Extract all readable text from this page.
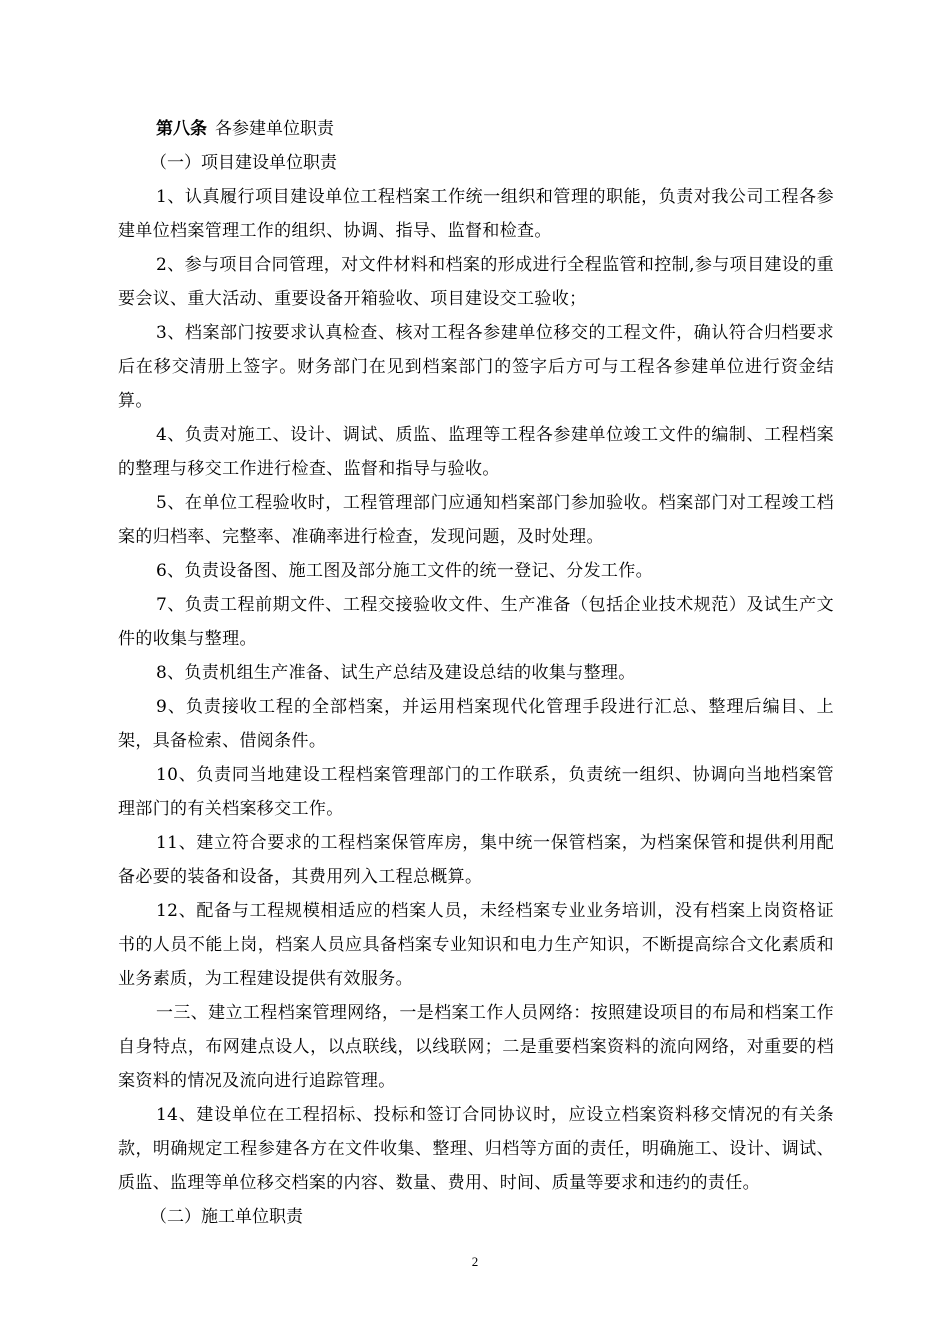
第八条 各参建单位职责
（一）项目建设单位职责

1、认真履行项目建设单位工程档案工作统一组织和管理的职能，负责对我公司工程各参建单位档案管理工作的组织、协调、指导、监督和检查。

2、参与项目合同管理，对文件材料和档案的形成进行全程监管和控制,参与项目建设的重要会议、重大活动、重要设备开箱验收、项目建设交工验收；

3、档案部门按要求认真检查、核对工程各参建单位移交的工程文件，确认符合归档要求后在移交清册上签字。财务部门在见到档案部门的签字后方可与工程各参建单位进行资金结算。

4、负责对施工、设计、调试、质监、监理等工程各参建单位竣工文件的编制、工程档案的整理与移交工作进行检查、监督和指导与验收。

5、在单位工程验收时，工程管理部门应通知档案部门参加验收。档案部门对工程竣工档案的归档率、完整率、准确率进行检查，发现问题，及时处理。

6、负责设备图、施工图及部分施工文件的统一登记、分发工作。

7、负责工程前期文件、工程交接验收文件、生产准备（包括企业技术规范）及试生产文件的收集与整理。

8、负责机组生产准备、试生产总结及建设总结的收集与整理。

9、负责接收工程的全部档案，并运用档案现代化管理手段进行汇总、整理后编目、上架，具备检索、借阅条件。

10、负责同当地建设工程档案管理部门的工作联系，负责统一组织、协调向当地档案管理部门的有关档案移交工作。

11、建立符合要求的工程档案保管库房，集中统一保管档案，为档案保管和提供利用配备必要的装备和设备，其费用列入工程总概算。

12、配备与工程规模相适应的档案人员，未经档案专业业务培训，没有档案上岗资格证书的人员不能上岗，档案人员应具备档案专业知识和电力生产知识，不断提高综合文化素质和业务素质，为工程建设提供有效服务。

一三、建立工程档案管理网络，一是档案工作人员网络：按照建设项目的布局和档案工作自身特点，布网建点设人，以点联线，以线联网；二是重要档案资料的流向网络，对重要的档案资料的情况及流向进行追踪管理。

14、建设单位在工程招标、投标和签订合同协议时，应设立档案资料移交情况的有关条款，明确规定工程参建各方在文件收集、整理、归档等方面的责任，明确施工、设计、调试、质监、监理等单位移交档案的内容、数量、费用、时间、质量等要求和违约的责任。

（二）施工单位职责
2
